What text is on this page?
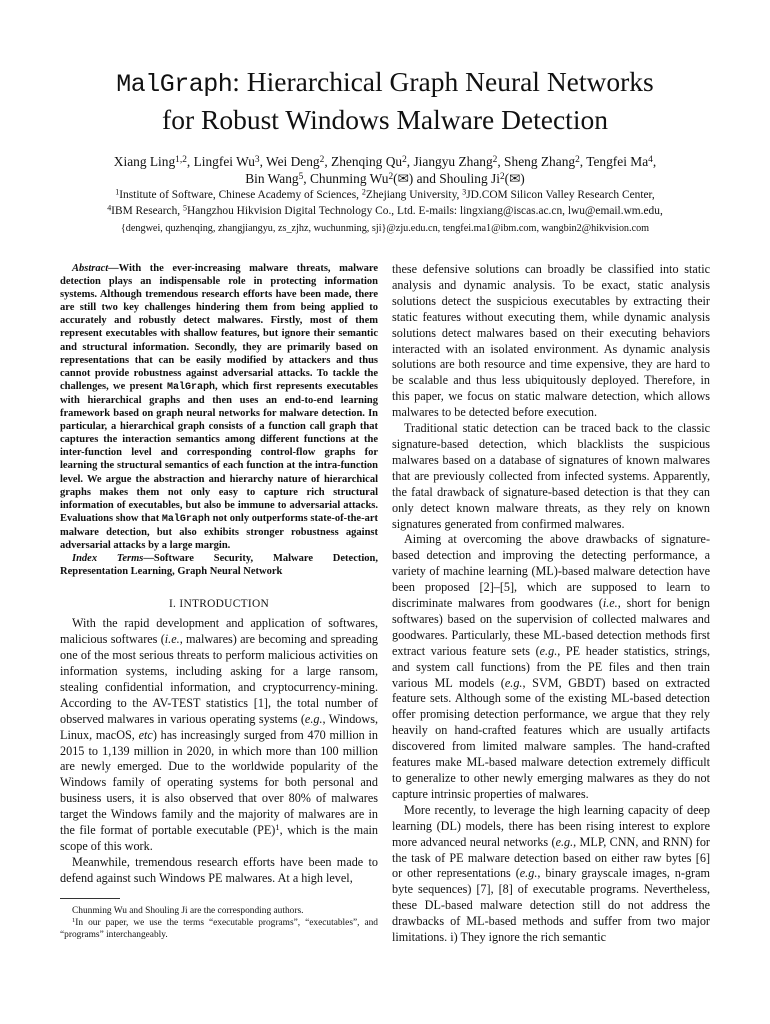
MalGraph: Hierarchical Graph Neural Networks
for Robust Windows Malware Detection
Xiang Ling$^{1,2}$, Lingfei Wu$^3$, Wei Deng$^2$, Zhenqing Qu$^2$, Jiangyu Zhang$^2$, Sheng Zhang$^2$, Tengfei Ma$^4$,
Bin Wang$^5$, Chunming Wu$^2$(✉) and Shouling Ji$^2$(✉)
$^1$Institute of Software, Chinese Academy of Sciences, $^2$Zhejiang University, $^3$JD.COM Silicon Valley Research Center,
$^4$IBM Research, $^5$Hangzhou Hikvision Digital Technology Co., Ltd. E-mails: lingxiang@iscas.ac.cn, lwu@email.wm.edu,
{dengwei, quzhenqing, zhangjiangyu, zs_zjhz, wuchunming, sji}@zju.edu.cn, tengfei.ma1@ibm.com, wangbin2@hikvision.com

Abstract—With the ever-increasing malware threats, malware detection plays an indispensable role in protecting information systems. Although tremendous research efforts have been made, there are still two key challenges hindering them from being applied to accurately and robustly detect malwares. Firstly, most of them represent executables with shallow features, but ignore their semantic and structural information. Secondly, they are primarily based on representations that can be easily modified by attackers and thus cannot provide robustness against adversarial attacks. To tackle the challenges, we present MalGraph, which first represents executables with hierarchical graphs and then uses an end-to-end learning framework based on graph neural networks for malware detection. In particular, a hierarchical graph consists of a function call graph that captures the interaction semantics among different functions at the inter-function level and corresponding control-flow graphs for learning the structural semantics of each function at the intra-function level. We argue the abstraction and hierarchy nature of hierarchical graphs makes them not only easy to capture rich structural information of executables, but also be immune to adversarial attacks. Evaluations show that MalGraph not only outperforms state-of-the-art malware detection, but also exhibits stronger robustness against adversarial attacks by a large margin.

Index Terms—Software Security, Malware Detection, Representation Learning, Graph Neural Network

I. INTRODUCTION

With the rapid development and application of softwares, malicious softwares (i.e., malwares) are becoming and spreading one of the most serious threats to perform malicious activities on information systems, including asking for a large ransom, stealing confidential information, and cryptocurrency-mining. According to the AV-TEST statistics [1], the total number of observed malwares in various operating systems (e.g., Windows, Linux, macOS, etc) has increasingly surged from 470 million in 2015 to 1,139 million in 2020, in which more than 100 million are newly emerged. Due to the worldwide popularity of the Windows family of operating systems for both personal and business users, it is also observed that over 80% of malwares target the Windows family and the majority of malwares are in the file format of portable executable (PE)$^1$, which is the main scope of this work.

Meanwhile, tremendous research efforts have been made to defend against such Windows PE malwares. At a high level,

Chunming Wu and Shouling Ji are the corresponding authors.

$^1$In our paper, we use the terms “executable programs”, “executables”, and “programs” interchangeably.

these defensive solutions can broadly be classified into static analysis and dynamic analysis. To be exact, static analysis solutions detect the suspicious executables by extracting their static features without executing them, while dynamic analysis solutions detect malwares based on their executing behaviors interacted with an isolated environment. As dynamic analysis solutions are both resource and time expensive, they are hard to be scalable and thus less ubiquitously deployed. Therefore, in this paper, we focus on static malware detection, which allows malwares to be detected before execution.

Traditional static detection can be traced back to the classic signature-based detection, which blacklists the suspicious malwares based on a database of signatures of known malwares that are previously collected from infected systems. Apparently, the fatal drawback of signature-based detection is that they can only detect known malware threats, as they rely on known signatures generated from confirmed malwares.

Aiming at overcoming the above drawbacks of signature-based detection and improving the detecting performance, a variety of machine learning (ML)-based malware detection have been proposed [2]–[5], which are supposed to learn to discriminate malwares from goodwares (i.e., short for benign softwares) based on the supervision of collected malwares and goodwares. Particularly, these ML-based detection methods first extract various feature sets (e.g., PE header statistics, strings, and system call functions) from the PE files and then train various ML models (e.g., SVM, GBDT) based on extracted feature sets. Although some of the existing ML-based detection offer promising detection performance, we argue that they rely heavily on hand-crafted features which are usually artifacts discovered from limited malware samples. The hand-crafted features make ML-based malware detection extremely difficult to generalize to other newly emerging malwares as they do not capture intrinsic properties of malwares.

More recently, to leverage the high learning capacity of deep learning (DL) models, there has been rising interest to explore more advanced neural networks (e.g., MLP, CNN, and RNN) for the task of PE malware detection based on either raw bytes [6] or other representations (e.g., binary grayscale images, n-gram byte sequences) [7], [8] of executable programs. Nevertheless, these DL-based malware detection still do not address the drawbacks of ML-based methods and suffer from two major limitations. i) They ignore the rich semantic
